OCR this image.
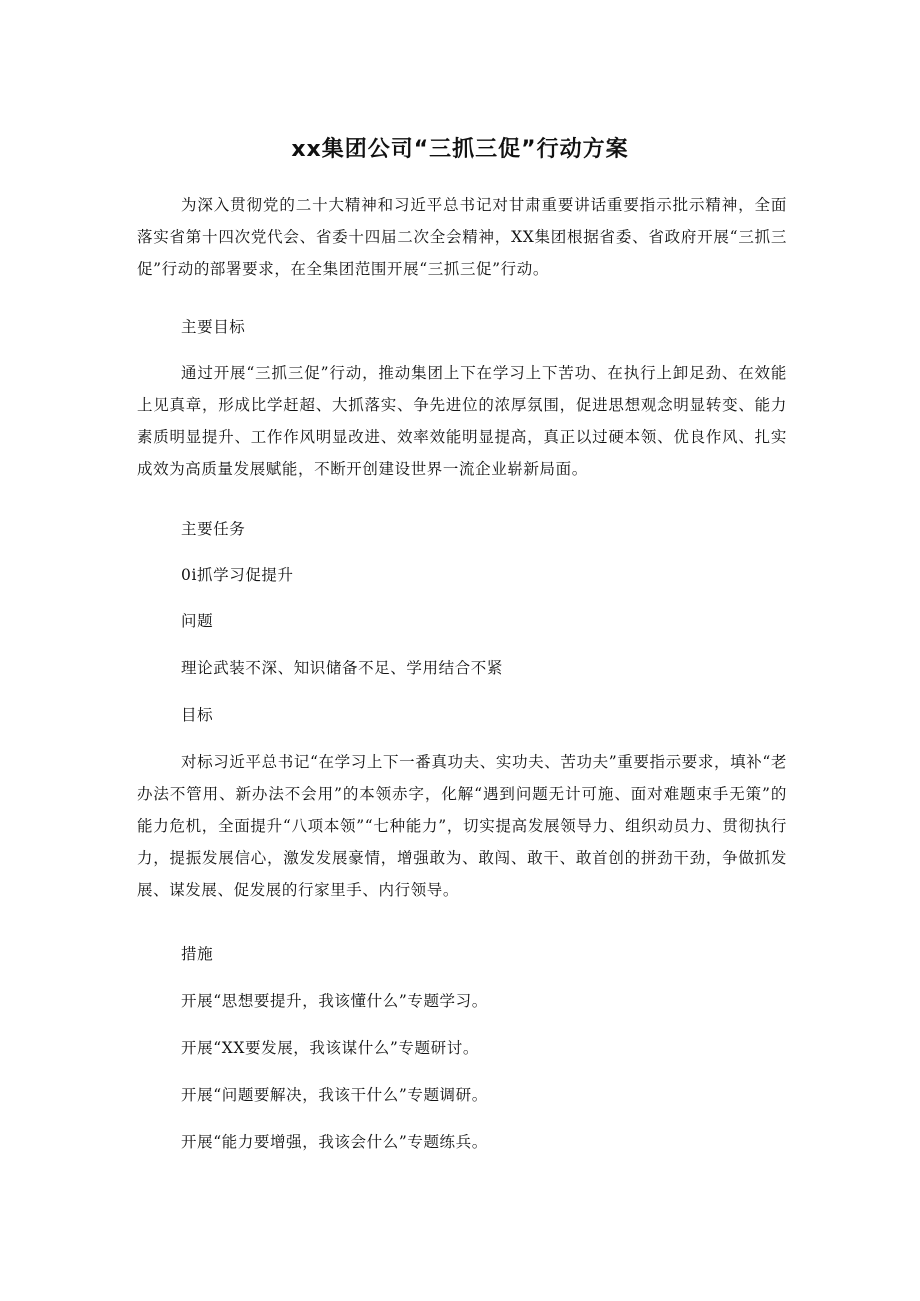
xx集团公司“三抓三促”行动方案

为深入贯彻党的二十大精神和习近平总书记对甘肃重要讲话重要指示批示精神，全面落实省第十四次党代会、省委十四届二次全会精神，XX集团根据省委、省政府开展“三抓三促”行动的部署要求，在全集团范围开展“三抓三促”行动。

主要目标

通过开展“三抓三促”行动，推动集团上下在学习上下苦功、在执行上卸足劲、在效能上见真章，形成比学赶超、大抓落实、争先进位的浓厚氛围，促进思想观念明显转变、能力素质明显提升、工作作风明显改进、效率效能明显提高，真正以过硬本领、优良作风、扎实成效为高质量发展赋能，不断开创建设世界一流企业崭新局面。

主要任务

0i抓学习促提升

问题

理论武装不深、知识储备不足、学用结合不紧

目标

对标习近平总书记“在学习上下一番真功夫、实功夫、苦功夫”重要指示要求，填补“老办法不管用、新办法不会用”的本领赤字，化解“遇到问题无计可施、面对难题束手无策”的能力危机，全面提升“八项本领”“七种能力”，切实提高发展领导力、组织动员力、贯彻执行力，提振发展信心，激发发展豪情，增强敢为、敢闯、敢干、敢首创的拼劲干劲，争做抓发展、谋发展、促发展的行家里手、内行领导。

措施

开展“思想要提升，我该懂什么”专题学习。

开展“XX要发展，我该谋什么”专题研讨。

开展“问题要解决，我该干什么”专题调研。

开展“能力要增强，我该会什么”专题练兵。
